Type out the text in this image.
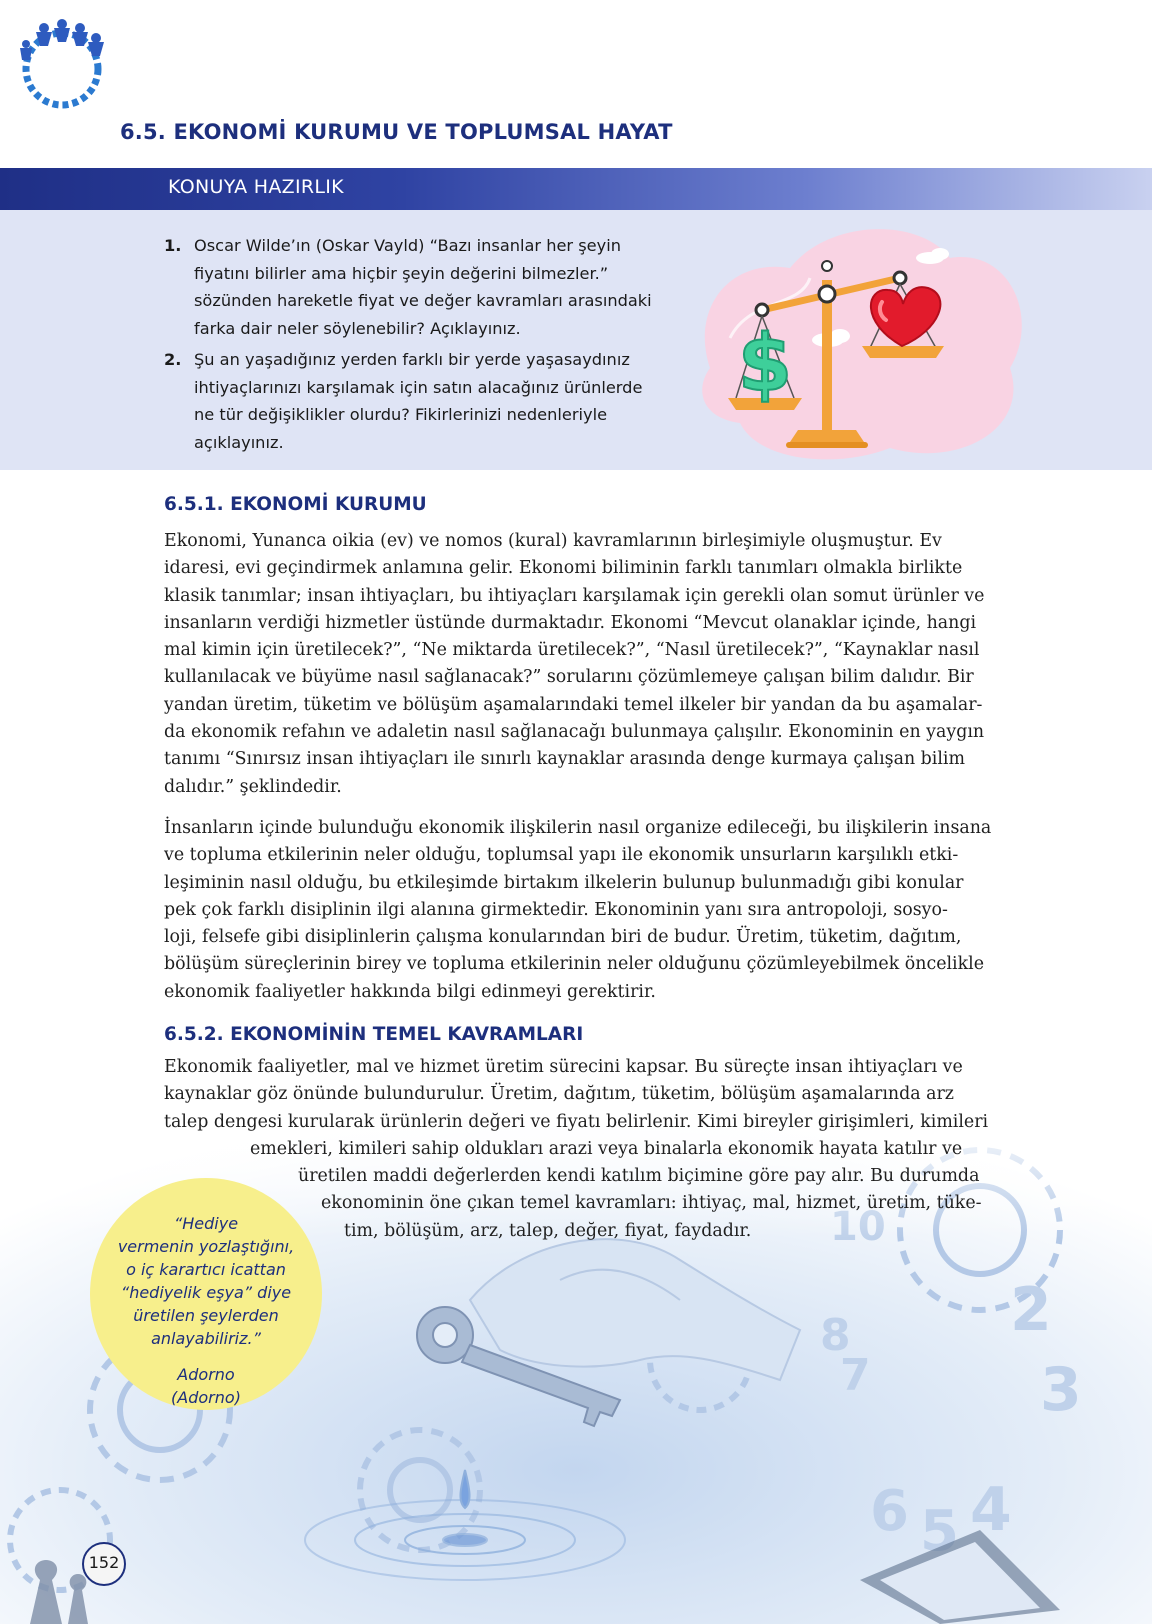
6.5. EKONOMİ KURUMU VE TOPLUMSAL HAYAT
KONUYA HAZIRLIK
1. Oscar Wilde’ın (Oskar Vayld) “Bazı insanlar her şeyin
fiyatını bilirler ama hiçbir şeyin değerini bilmezler.”
sözünden hareketle fiyat ve değer kavramları arasındaki
farka dair neler söylenebilir? Açıklayınız.
2. Şu an yaşadığınız yerden farklı bir yerde yaşasaydınız
ihtiyaçlarınızı karşılamak için satın alacağınız ürünlerde
ne tür değişiklikler olurdu? Fikirlerinizi nedenleriyle
açıklayınız.
$
6.5.1. EKONOMİ KURUMU
Ekonomi, Yunanca oikia (ev) ve nomos (kural) kavramlarının birleşimiyle oluşmuştur. Ev
idaresi, evi geçindirmek anlamına gelir. Ekonomi biliminin farklı tanımları olmakla birlikte
klasik tanımlar; insan ihtiyaçları, bu ihtiyaçları karşılamak için gerekli olan somut ürünler ve
insanların verdiği hizmetler üstünde durmaktadır. Ekonomi “Mevcut olanaklar içinde, hangi
mal kimin için üretilecek?”, “Ne miktarda üretilecek?”, “Nasıl üretilecek?”, “Kaynaklar nasıl
kullanılacak ve büyüme nasıl sağlanacak?” sorularını çözümlemeye çalışan bilim dalıdır. Bir
yandan üretim, tüketim ve bölüşüm aşamalarındaki temel ilkeler bir yandan da bu aşamalar-
da ekonomik refahın ve adaletin nasıl sağlanacağı bulunmaya çalışılır. Ekonominin en yaygın
tanımı “Sınırsız insan ihtiyaçları ile sınırlı kaynaklar arasında denge kurmaya çalışan bilim
dalıdır.” şeklindedir.
İnsanların içinde bulunduğu ekonomik ilişkilerin nasıl organize edileceği, bu ilişkilerin insana
ve topluma etkilerinin neler olduğu, toplumsal yapı ile ekonomik unsurların karşılıklı etki-
leşiminin nasıl olduğu, bu etkileşimde birtakım ilkelerin bulunup bulunmadığı gibi konular
pek çok farklı disiplinin ilgi alanına girmektedir. Ekonominin yanı sıra antropoloji, sosyo-
loji, felsefe gibi disiplinlerin çalışma konularından biri de budur. Üretim, tüketim, dağıtım,
bölüşüm süreçlerinin birey ve topluma etkilerinin neler olduğunu çözümleyebilmek öncelikle
ekonomik faaliyetler hakkında bilgi edinmeyi gerektirir.
6.5.2. EKONOMİNİN TEMEL KAVRAMLARI
Ekonomik faaliyetler, mal ve hizmet üretim sürecini kapsar. Bu süreçte insan ihtiyaçları ve
kaynaklar göz önünde bulundurulur. Üretim, dağıtım, tüketim, bölüşüm aşamalarında arz
talep dengesi kurularak ürünlerin değeri ve fiyatı belirlenir. Kimi bireyler girişimleri, kimileri
emekleri, kimileri sahip oldukları arazi veya binalarla ekonomik hayata katılır ve
üretilen maddi değerlerden kendi katılım biçimine göre pay alır. Bu durumda
ekonominin öne çıkan temel kavramları: ihtiyaç, mal, hizmet, üretim, tüke-
tim, bölüşüm, arz, talep, değer, fiyat, faydadır.
“Hediye
vermenin yozlaştığını,
o iç karartıcı icattan
“hediyelik eşya” diye
üretilen şeylerden
anlayabiliriz.”
Adorno
(Adorno)
152
